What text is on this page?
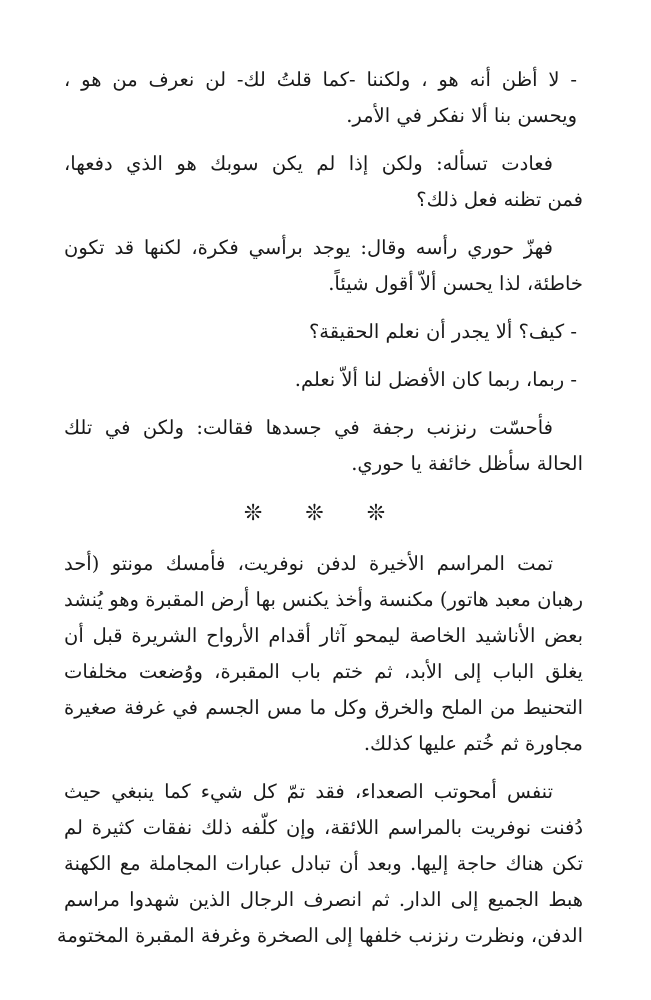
- لا أظن أنه هو ، ولكننا -كما قلتُ لك- لن نعرف من هو ،
ويحسن بنا ألا نفكر في الأمر.

فعادت تسأله: ولكن إذا لم يكن سوبك هو الذي دفعها،
فمن تظنه فعل ذلك؟

فهزّ حوري رأسه وقال: يوجد برأسي فكرة، لكنها قد تكون
خاطئة، لذا يحسن ألاّ أقول شيئاً.

- كيف؟ ألا يجدر أن نعلم الحقيقة؟

- ربما، ربما كان الأفضل لنا ألاّ نعلم.

فأحسّت رنزنب رجفة في جسدها فقالت: ولكن في تلك
الحالة سأظل خائفة يا حوري.

❊ ❊ ❊

تمت المراسم الأخيرة لدفن نوفريت، فأمسك مونتو (أحد
رهبان معبد هاتور) مكنسة وأخذ يكنس بها أرض المقبرة وهو يُنشد
بعض الأناشيد الخاصة ليمحو آثار أقدام الأرواح الشريرة قبل أن
يغلق الباب إلى الأبد، ثم ختم باب المقبرة، ووُضعت مخلفات
التحنيط من الملح والخرق وكل ما مس الجسم في غرفة صغيرة
مجاورة ثم خُتم عليها كذلك.

تنفس أمحوتب الصعداء، فقد تمّ كل شيء كما ينبغي حيث
دُفنت نوفريت بالمراسم اللائقة، وإن كلّفه ذلك نفقات كثيرة لم
تكن هناك حاجة إليها. وبعد أن تبادل عبارات المجاملة مع الكهنة
هبط الجميع إلى الدار. ثم انصرف الرجال الذين شهدوا مراسم
الدفن، ونظرت رنزنب خلفها إلى الصخرة وغرفة المقبرة المختومة
